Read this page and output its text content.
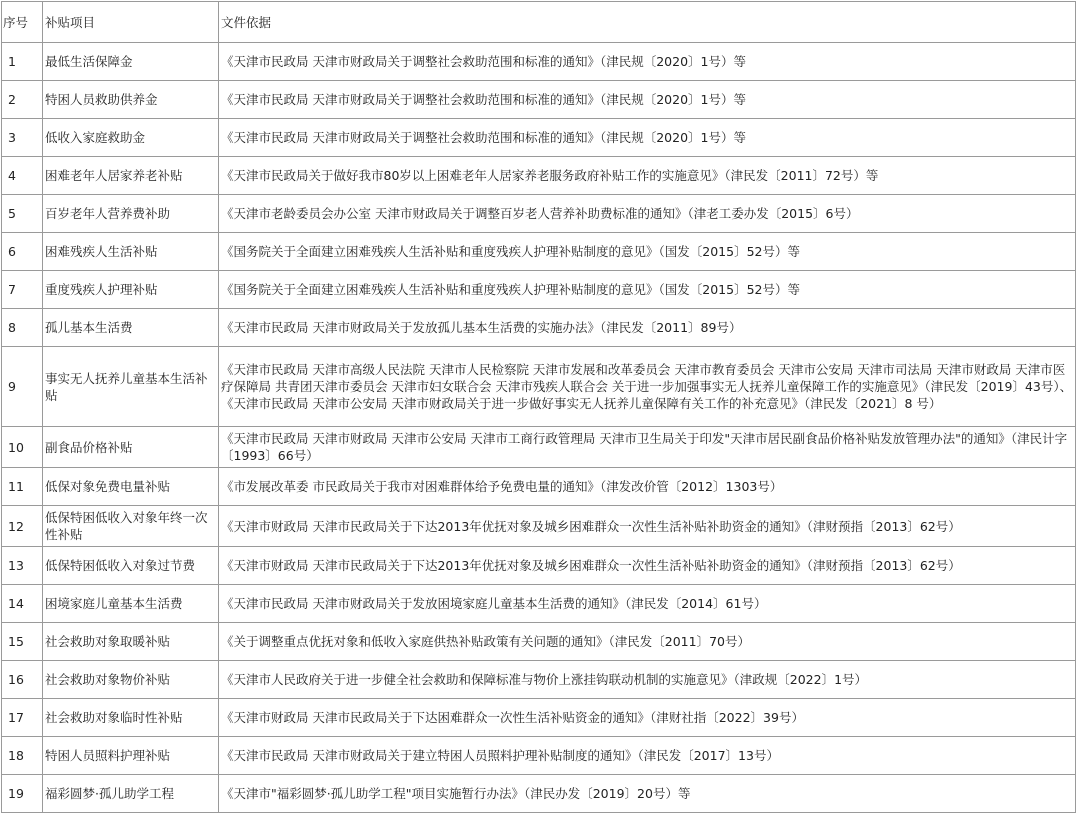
序号	补贴项目	文件依据
1	最低生活保障金	《天津市民政局 天津市财政局关于调整社会救助范围和标准的通知》（津民规〔2020〕1号）等
2	特困人员救助供养金	《天津市民政局 天津市财政局关于调整社会救助范围和标准的通知》（津民规〔2020〕1号）等
3	低收入家庭救助金	《天津市民政局 天津市财政局关于调整社会救助范围和标准的通知》（津民规〔2020〕1号）等
4	困难老年人居家养老补贴	《天津市民政局关于做好我市80岁以上困难老年人居家养老服务政府补贴工作的实施意见》（津民发〔2011〕72号）等
5	百岁老年人营养费补助	《天津市老龄委员会办公室 天津市财政局关于调整百岁老人营养补助费标准的通知》（津老工委办发〔2015〕6号）
6	困难残疾人生活补贴	《国务院关于全面建立困难残疾人生活补贴和重度残疾人护理补贴制度的意见》（国发〔2015〕52号）等
7	重度残疾人护理补贴	《国务院关于全面建立困难残疾人生活补贴和重度残疾人护理补贴制度的意见》（国发〔2015〕52号）等
8	孤儿基本生活费	《天津市民政局 天津市财政局关于发放孤儿基本生活费的实施办法》（津民发〔2011〕89号）
9	事实无人抚养儿童基本生活补贴	《天津市民政局 天津市高级人民法院 天津市人民检察院 天津市发展和改革委员会 天津市教育委员会 天津市公安局 天津市司法局 天津市财政局 天津市医疗保障局 共青团天津市委员会 天津市妇女联合会 天津市残疾人联合会 关于进一步加强事实无人抚养儿童保障工作的实施意见》（津民发〔2019〕43号）、《天津市民政局 天津市公安局 天津市财政局关于进一步做好事实无人抚养儿童保障有关工作的补充意见》（津民发〔2021〕8 号）
10	副食品价格补贴	《天津市民政局 天津市财政局 天津市公安局 天津市工商行政管理局 天津市卫生局关于印发"天津市居民副食品价格补贴发放管理办法"的通知》（津民计字〔1993〕66号）
11	低保对象免费电量补贴	《市发展改革委 市民政局关于我市对困难群体给予免费电量的通知》（津发改价管〔2012〕1303号）
12	低保特困低收入对象年终一次性补贴	《天津市财政局 天津市民政局关于下达2013年优抚对象及城乡困难群众一次性生活补贴补助资金的通知》（津财预指〔2013〕62号）
13	低保特困低收入对象过节费	《天津市财政局 天津市民政局关于下达2013年优抚对象及城乡困难群众一次性生活补贴补助资金的通知》（津财预指〔2013〕62号）
14	困境家庭儿童基本生活费	《天津市民政局 天津市财政局关于发放困境家庭儿童基本生活费的通知》（津民发〔2014〕61号）
15	社会救助对象取暖补贴	《关于调整重点优抚对象和低收入家庭供热补贴政策有关问题的通知》（津民发〔2011〕70号）
16	社会救助对象物价补贴	《天津市人民政府关于进一步健全社会救助和保障标准与物价上涨挂钩联动机制的实施意见》（津政规〔2022〕1号）
17	社会救助对象临时性补贴	《天津市财政局 天津市民政局关于下达困难群众一次性生活补贴资金的通知》（津财社指〔2022〕39号）
18	特困人员照料护理补贴	《天津市民政局 天津市财政局关于建立特困人员照料护理补贴制度的通知》（津民发〔2017〕13号）
19	福彩圆梦·孤儿助学工程	《天津市"福彩圆梦·孤儿助学工程"项目实施暂行办法》（津民办发〔2019〕20号）等
